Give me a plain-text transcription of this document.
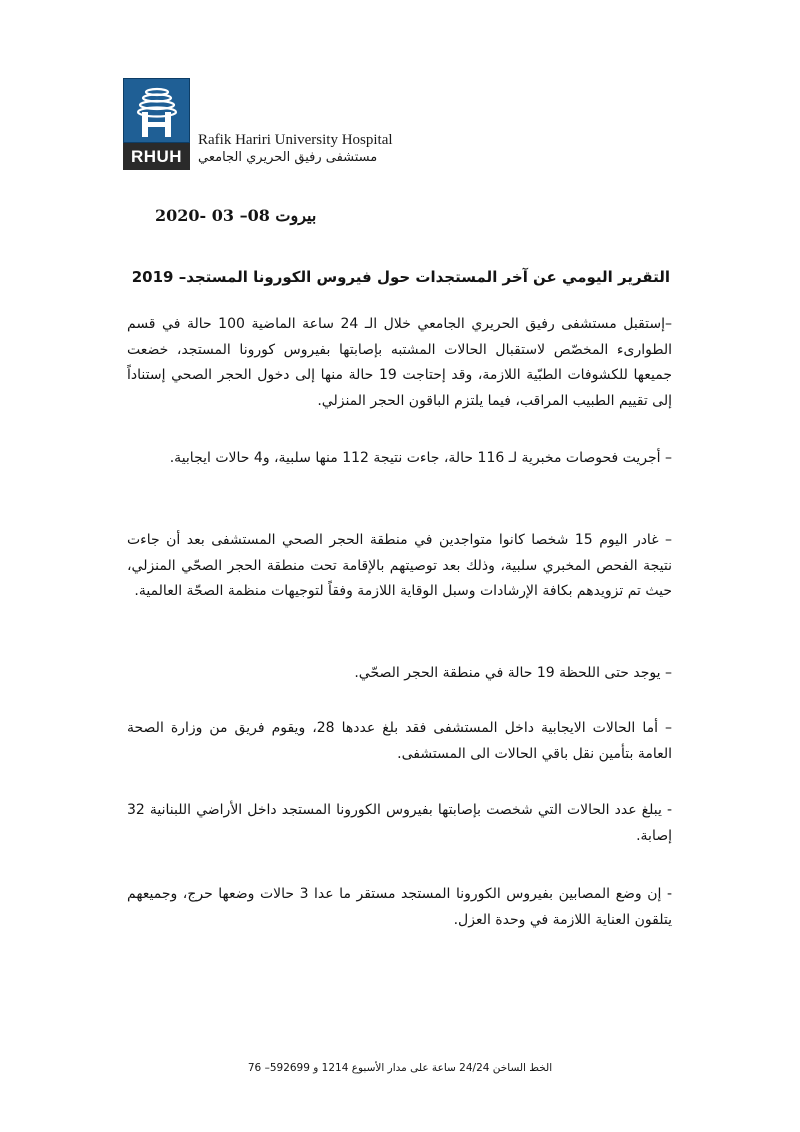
RHUH
Rafik Hariri University Hospital
مستشفى رفيق الحريري الجامعي
بيروت 08– 03 -2020
التقرير اليومي عن آخر المستجدات حول فيروس الكورونا المستجد– 2019

–إستقبل مستشفى رفيق الحريري الجامعي خلال الـ 24 ساعة الماضية 100 حالة في قسم الطوارىء المخصّص لاستقبال الحالات المشتبه بإصابتها بفيروس كورونا المستجد، خضعت جميعها للكشوفات الطبّية اللازمة، وقد إحتاجت 19 حالة منها إلى دخول الحجر الصحي إستناداً إلى تقييم الطبيب المراقب، فيما يلتزم الباقون الحجر المنزلي.

– أجريت فحوصات مخبرية لـ 116 حالة، جاءت نتيجة 112 منها سلبية، و4 حالات ايجابية.

– غادر اليوم 15 شخصا كانوا متواجدين في منطقة الحجر الصحي المستشفى بعد أن جاءت نتيجة الفحص المخبري سلبية، وذلك بعد توصيتهم بالإقامة تحت منطقة الحجر الصحّي المنزلي، حيث تم تزويدهم بكافة الإرشادات وسبل الوقاية اللازمة وفقاً لتوجيهات منظمة الصحّة العالمية.

– يوجد حتى اللحظة 19 حالة في منطقة الحجر الصحّي.

– أما الحالات الايجابية داخل المستشفى فقد بلغ عددها 28، ويقوم فريق من وزارة الصحة العامة بتأمين نقل باقي الحالات الى المستشفى.

- يبلغ عدد الحالات التي شخصت بإصابتها بفيروس الكورونا المستجد داخل الأراضي اللبنانية 32 إصابة.

- إن وضع المصابين بفيروس الكورونا المستجد مستقر ما عدا 3 حالات وضعها حرج، وجميعهم يتلقون العناية اللازمة في وحدة العزل.

الخط الساخن 24/24 ساعة على مدار الأسبوع 1214 و 592699– 76
